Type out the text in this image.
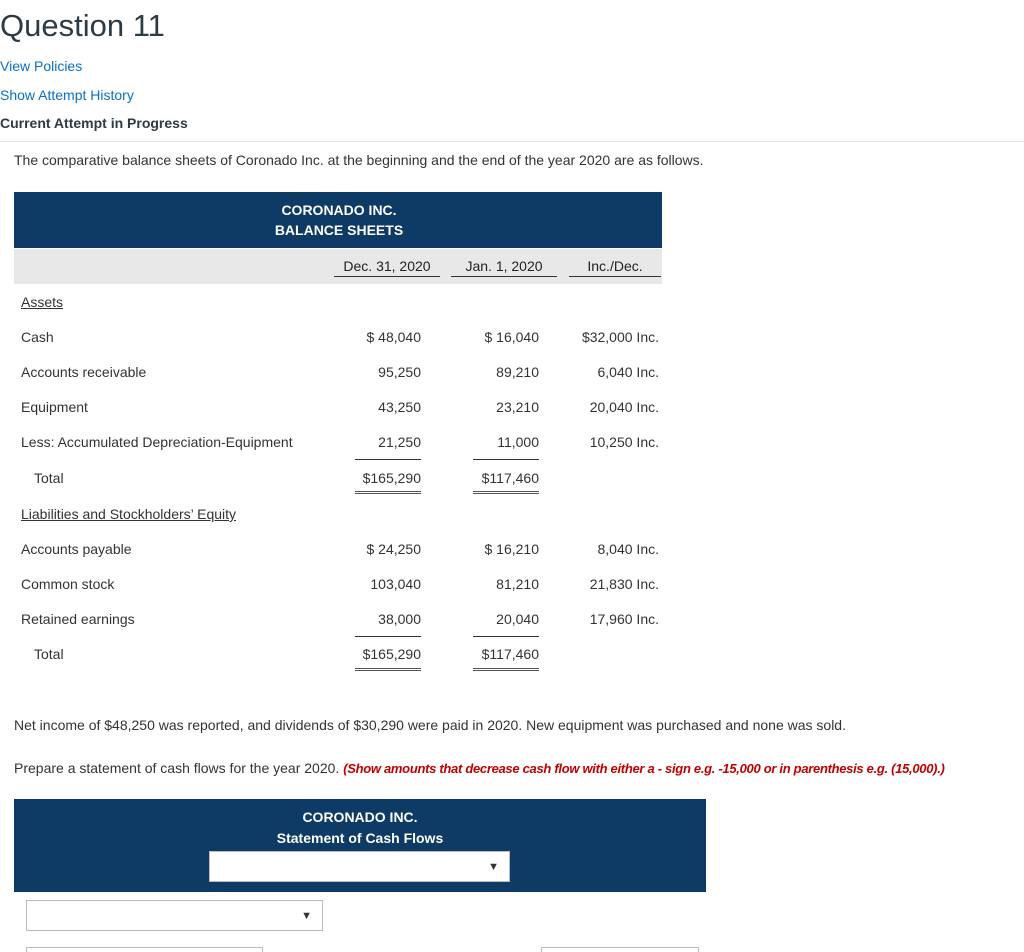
Question 11
View Policies
Show Attempt History
Current Attempt in Progress
The comparative balance sheets of Coronado Inc. at the beginning and the end of the year 2020 are as follows.
CORONADO INC.
BALANCE SHEETS
Dec. 31, 2020	Jan. 1, 2020	Inc./Dec.
Assets
Cash	$ 48,040	$ 16,040	$32,000 Inc.
Accounts receivable	95,250	89,210	6,040 Inc.
Equipment	43,250	23,210	20,040 Inc.
Less: Accumulated Depreciation-Equipment	21,250	11,000	10,250 Inc.
Total	$165,290	$117,460
Liabilities and Stockholders’ Equity
Accounts payable	$ 24,250	$ 16,210	8,040 Inc.
Common stock	103,040	81,210	21,830 Inc.
Retained earnings	38,000	20,040	17,960 Inc.
Total	$165,290	$117,460
Net income of $48,250 was reported, and dividends of $30,290 were paid in 2020. New equipment was purchased and none was sold.
Prepare a statement of cash flows for the year 2020. (Show amounts that decrease cash flow with either a - sign e.g. -15,000 or in parenthesis e.g. (15,000).)
CORONADO INC.
Statement of Cash Flows
▼
▼
